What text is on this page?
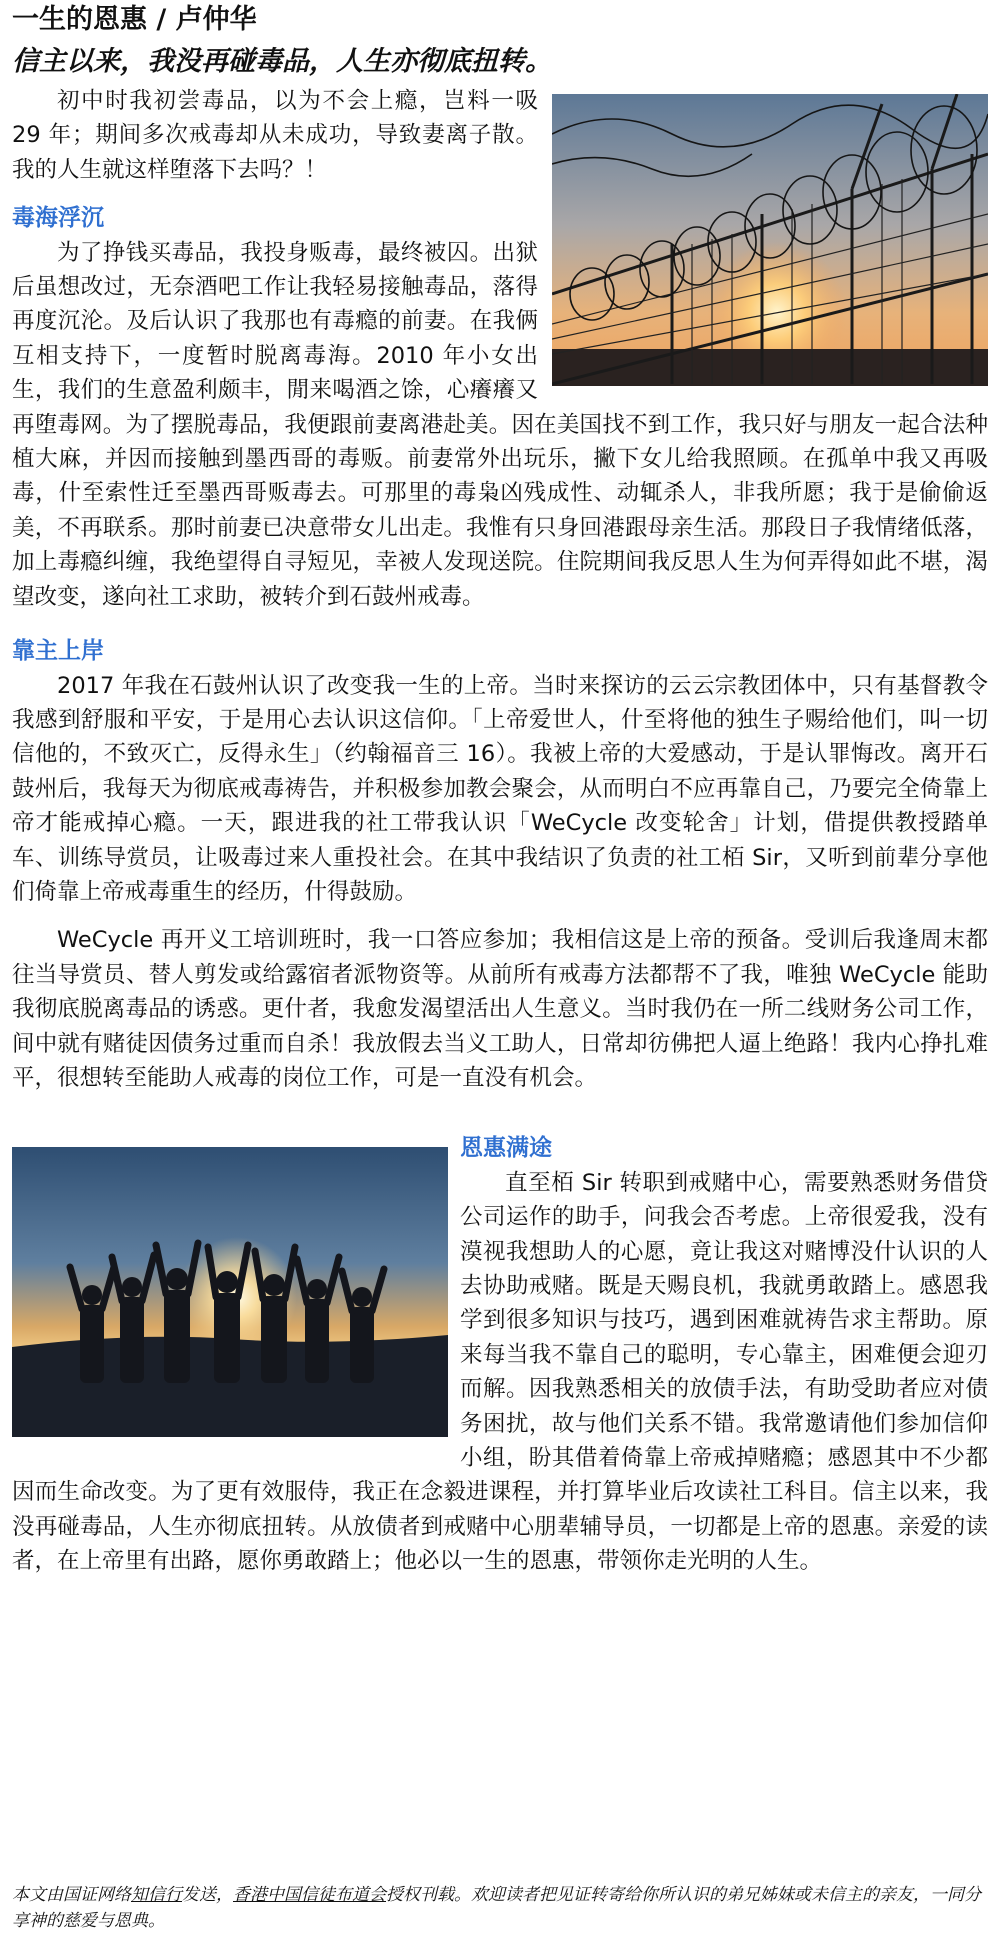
一生的恩惠 / 卢仲华
信主以来，我没再碰毒品，人生亦彻底扭转。

初中时我初尝毒品，以为不会上瘾，岂料一吸 29 年；期间多次戒毒却从未成功，导致妻离子散。我的人生就这样堕落下去吗？！

毒海浮沉

为了挣钱买毒品，我投身贩毒，最终被囚。出狱后虽想改过，无奈酒吧工作让我轻易接触毒品，落得再度沉沦。及后认识了我那也有毒瘾的前妻。在我俩互相支持下，一度暂时脱离毒海。2010 年小女出生，我们的生意盈利颇丰，閒来喝酒之馀，心癢癢又再堕毒网。为了摆脱毒品，我便跟前妻离港赴美。因在美国找不到工作，我只好与朋友一起合法种植大麻，并因而接触到墨西哥的毒贩。前妻常外出玩乐，撇下女儿给我照顾。在孤单中我又再吸毒，什至索性迁至墨西哥贩毒去。可那里的毒枭凶残成性、动辄杀人，非我所愿；我于是偷偷返美，不再联系。那时前妻已决意带女儿出走。我惟有只身回港跟母亲生活。那段日子我情绪低落，加上毒瘾纠缠，我绝望得自寻短见，幸被人发现送院。住院期间我反思人生为何弄得如此不堪，渴望改变，遂向社工求助，被转介到石鼓州戒毒。

靠主上岸

2017 年我在石鼓州认识了改变我一生的上帝。当时来探访的云云宗教团体中，只有基督教令我感到舒服和平安，于是用心去认识这信仰。「上帝爱世人，什至将他的独生子赐给他们，叫一切信他的，不致灭亡，反得永生」（约翰福音三 16）。我被上帝的大爱感动，于是认罪悔改。离开石鼓州后，我每天为彻底戒毒祷告，并积极参加教会聚会，从而明白不应再靠自己，乃要完全倚靠上帝才能戒掉心瘾。一天，跟进我的社工带我认识「WeCycle 改变轮舍」计划，借提供教授踏单车、训练导赏员，让吸毒过来人重投社会。在其中我结识了负责的社工栢 Sir，又听到前辈分享他们倚靠上帝戒毒重生的经历，什得鼓励。

WeCycle 再开义工培训班时，我一口答应参加；我相信这是上帝的预备。受训后我逢周末都往当导赏员、替人剪发或给露宿者派物资等。从前所有戒毒方法都帮不了我，唯独 WeCycle 能助我彻底脱离毒品的诱惑。更什者，我愈发渴望活出人生意义。当时我仍在一所二线财务公司工作，间中就有赌徒因债务过重而自杀！我放假去当义工助人，日常却彷佛把人逼上绝路！我内心挣扎难平，很想转至能助人戒毒的岗位工作，可是一直没有机会。

恩惠满途

直至栢 Sir 转职到戒赌中心，需要熟悉财务借贷公司运作的助手，问我会否考虑。上帝很爱我，没有漠视我想助人的心愿，竟让我这对赌博没什认识的人去协助戒赌。既是天赐良机，我就勇敢踏上。感恩我学到很多知识与技巧，遇到困难就祷告求主帮助。原来每当我不靠自己的聪明，专心靠主，困难便会迎刃而解。因我熟悉相关的放债手法，有助受助者应对债务困扰，故与他们关系不错。我常邀请他们参加信仰小组，盼其借着倚靠上帝戒掉赌瘾；感恩其中不少都因而生命改变。为了更有效服侍，我正在念毅进课程，并打算毕业后攻读社工科目。信主以来，我没再碰毒品，人生亦彻底扭转。从放债者到戒赌中心朋辈辅导员，一切都是上帝的恩惠。亲爱的读者，在上帝里有出路，愿你勇敢踏上；他必以一生的恩惠，带领你走光明的人生。

本文由国证网络知信行发送，香港中国信徒布道会授权刊载。欢迎读者把见证转寄给你所认识的弟兄姊妹或未信主的亲友，一同分享神的慈爱与恩典。
